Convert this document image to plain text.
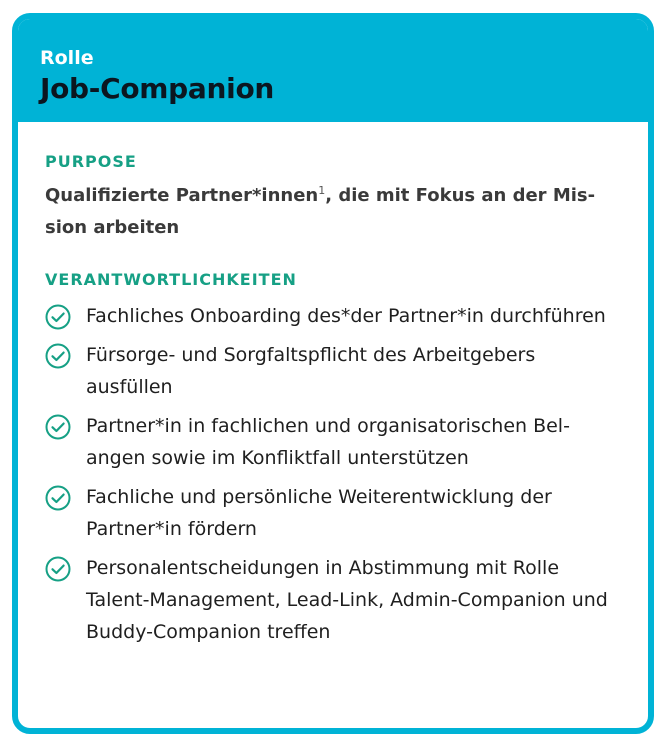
Rolle
Job-Companion
PURPOSE
Qualifizierte Partner*innen$^1$, die mit Fokus an der Mis-
sion arbeiten
VERANTWORTLICHKEITEN
Fachliches Onboarding des*der Partner*in durchführen
Fürsorge- und Sorgfaltspflicht des Arbeitgebers ausfüllen
Partner*in in fachlichen und organisatorischen Bel-angen sowie im Konfliktfall unterstützen
Fachliche und persönliche Weiterentwicklung der Partner*in fördern
Personalentscheidungen in Abstimmung mit Rolle Talent-Management, Lead-Link, Admin-Companion und Buddy-Companion treffen
